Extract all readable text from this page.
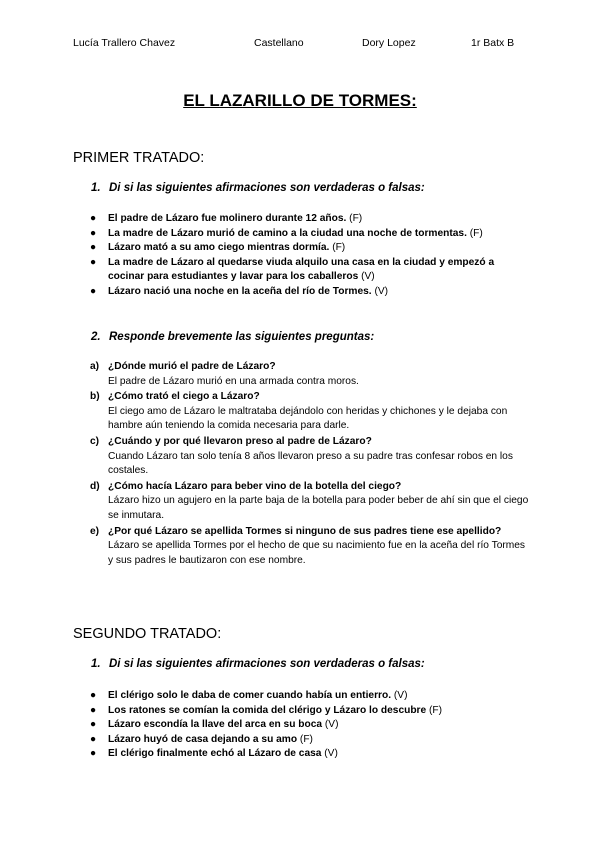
Lucía Trallero Chavez	Castellano	Dory Lopez	1r Batx B
EL LAZARILLO DE TORMES:
PRIMER TRATADO:
1. Di si las siguientes afirmaciones son verdaderas o falsas:
● El padre de Lázaro fue molinero durante 12 años. (F)
● La madre de Lázaro murió de camino a la ciudad una noche de tormentas. (F)
● Lázaro mató a su amo ciego mientras dormía. (F)
● La madre de Lázaro al quedarse viuda alquilo una casa en la ciudad y empezó a cocinar para estudiantes y lavar para los caballeros (V)
● Lázaro nació una noche en la aceña del río de Tormes. (V)
2. Responde brevemente las siguientes preguntas:
a) ¿Dónde murió el padre de Lázaro?
El padre de Lázaro murió en una armada contra moros.
b) ¿Cómo trató el ciego a Lázaro?
El ciego amo de Lázaro le maltrataba dejándolo con heridas y chichones y le dejaba con hambre aún teniendo la comida necesaria para darle.
c) ¿Cuándo y por qué llevaron preso al padre de Lázaro?
Cuando Lázaro tan solo tenía 8 años llevaron preso a su padre tras confesar robos en los costales.
d) ¿Cómo hacía Lázaro para beber vino de la botella del ciego?
Lázaro hizo un agujero en la parte baja de la botella para poder beber de ahí sin que el ciego se inmutara.
e) ¿Por qué Lázaro se apellida Tormes si ninguno de sus padres tiene ese apellido?
Lázaro se apellida Tormes por el hecho de que su nacimiento fue en la aceña del río Tormes y sus padres le bautizaron con ese nombre.
SEGUNDO TRATADO:
1. Di si las siguientes afirmaciones son verdaderas o falsas:
● El clérigo solo le daba de comer cuando había un entierro. (V)
● Los ratones se comían la comida del clérigo y Lázaro lo descubre (F)
● Lázaro escondía la llave del arca en su boca (V)
● Lázaro huyó de casa dejando a su amo (F)
● El clérigo finalmente echó al Lázaro de casa (V)
